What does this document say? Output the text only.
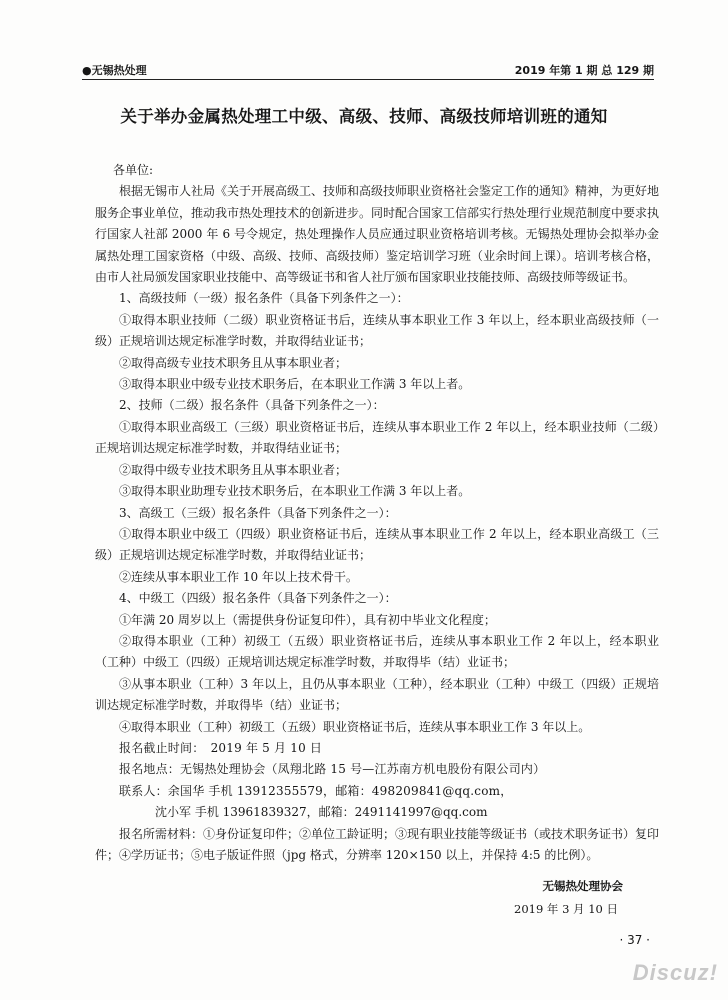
●无锡热处理	2019 年第 1 期 总 129 期
关于举办金属热处理工中级、高级、技师、高级技师培训班的通知

各单位:

根据无锡市人社局《关于开展高级工、技师和高级技师职业资格社会鉴定工作的通知》精神，为更好地服务企事业单位，推动我市热处理技术的创新进步。同时配合国家工信部实行热处理行业规范制度中要求执行国家人社部 2000 年 6 号令规定，热处理操作人员应通过职业资格培训考核。无锡热处理协会拟举办金属热处理工国家资格（中级、高级、技师、高级技师）鉴定培训学习班（业余时间上课）。培训考核合格，由市人社局颁发国家职业技能中、高等级证书和省人社厅颁布国家职业技能技师、高级技师等级证书。

1、高级技师（一级）报名条件（具备下列条件之一）：

①取得本职业技师（二级）职业资格证书后，连续从事本职业工作 3 年以上，经本职业高级技师（一级）正规培训达规定标准学时数，并取得结业证书；

②取得高级专业技术职务且从事本职业者；

③取得本职业中级专业技术职务后，在本职业工作满 3 年以上者。

2、技师（二级）报名条件（具备下列条件之一）：

①取得本职业高级工（三级）职业资格证书后，连续从事本职业工作 2 年以上，经本职业技师（二级）正规培训达规定标准学时数，并取得结业证书；

②取得中级专业技术职务且从事本职业者；

③取得本职业助理专业技术职务后，在本职业工作满 3 年以上者。

3、高级工（三级）报名条件（具备下列条件之一）：

①取得本职业中级工（四级）职业资格证书后，连续从事本职业工作 2 年以上，经本职业高级工（三级）正规培训达规定标准学时数，并取得结业证书；

②连续从事本职业工作 10 年以上技术骨干。

4、中级工（四级）报名条件（具备下列条件之一）：

①年满 20 周岁以上（需提供身份证复印件），具有初中毕业文化程度；

②取得本职业（工种）初级工（五级）职业资格证书后，连续从事本职业工作 2 年以上，经本职业（工种）中级工（四级）正规培训达规定标准学时数，并取得毕（结）业证书；

③从事本职业（工种）3 年以上，且仍从事本职业（工种），经本职业（工种）中级工（四级）正规培训达规定标准学时数，并取得毕（结）业证书；

④取得本职业（工种）初级工（五级）职业资格证书后，连续从事本职业工作 3 年以上。

报名截止时间：　2019 年 5 月 10 日

报名地点：无锡热处理协会（凤翔北路 15 号—江苏南方机电股份有限公司内）

联系人：余国华 手机 13912355579，邮箱：498209841@qq.com，

沈小军 手机 13961839327，邮箱：2491141997@qq.com

报名所需材料：①身份证复印件；②单位工龄证明；③现有职业技能等级证书（或技术职务证书）复印件；④学历证书；⑤电子版证件照（jpg 格式，分辨率 120×150 以上，并保持 4:5 的比例）。

无锡热处理协会
2019 年 3 月 10 日
· 37 ·
Discuz!
